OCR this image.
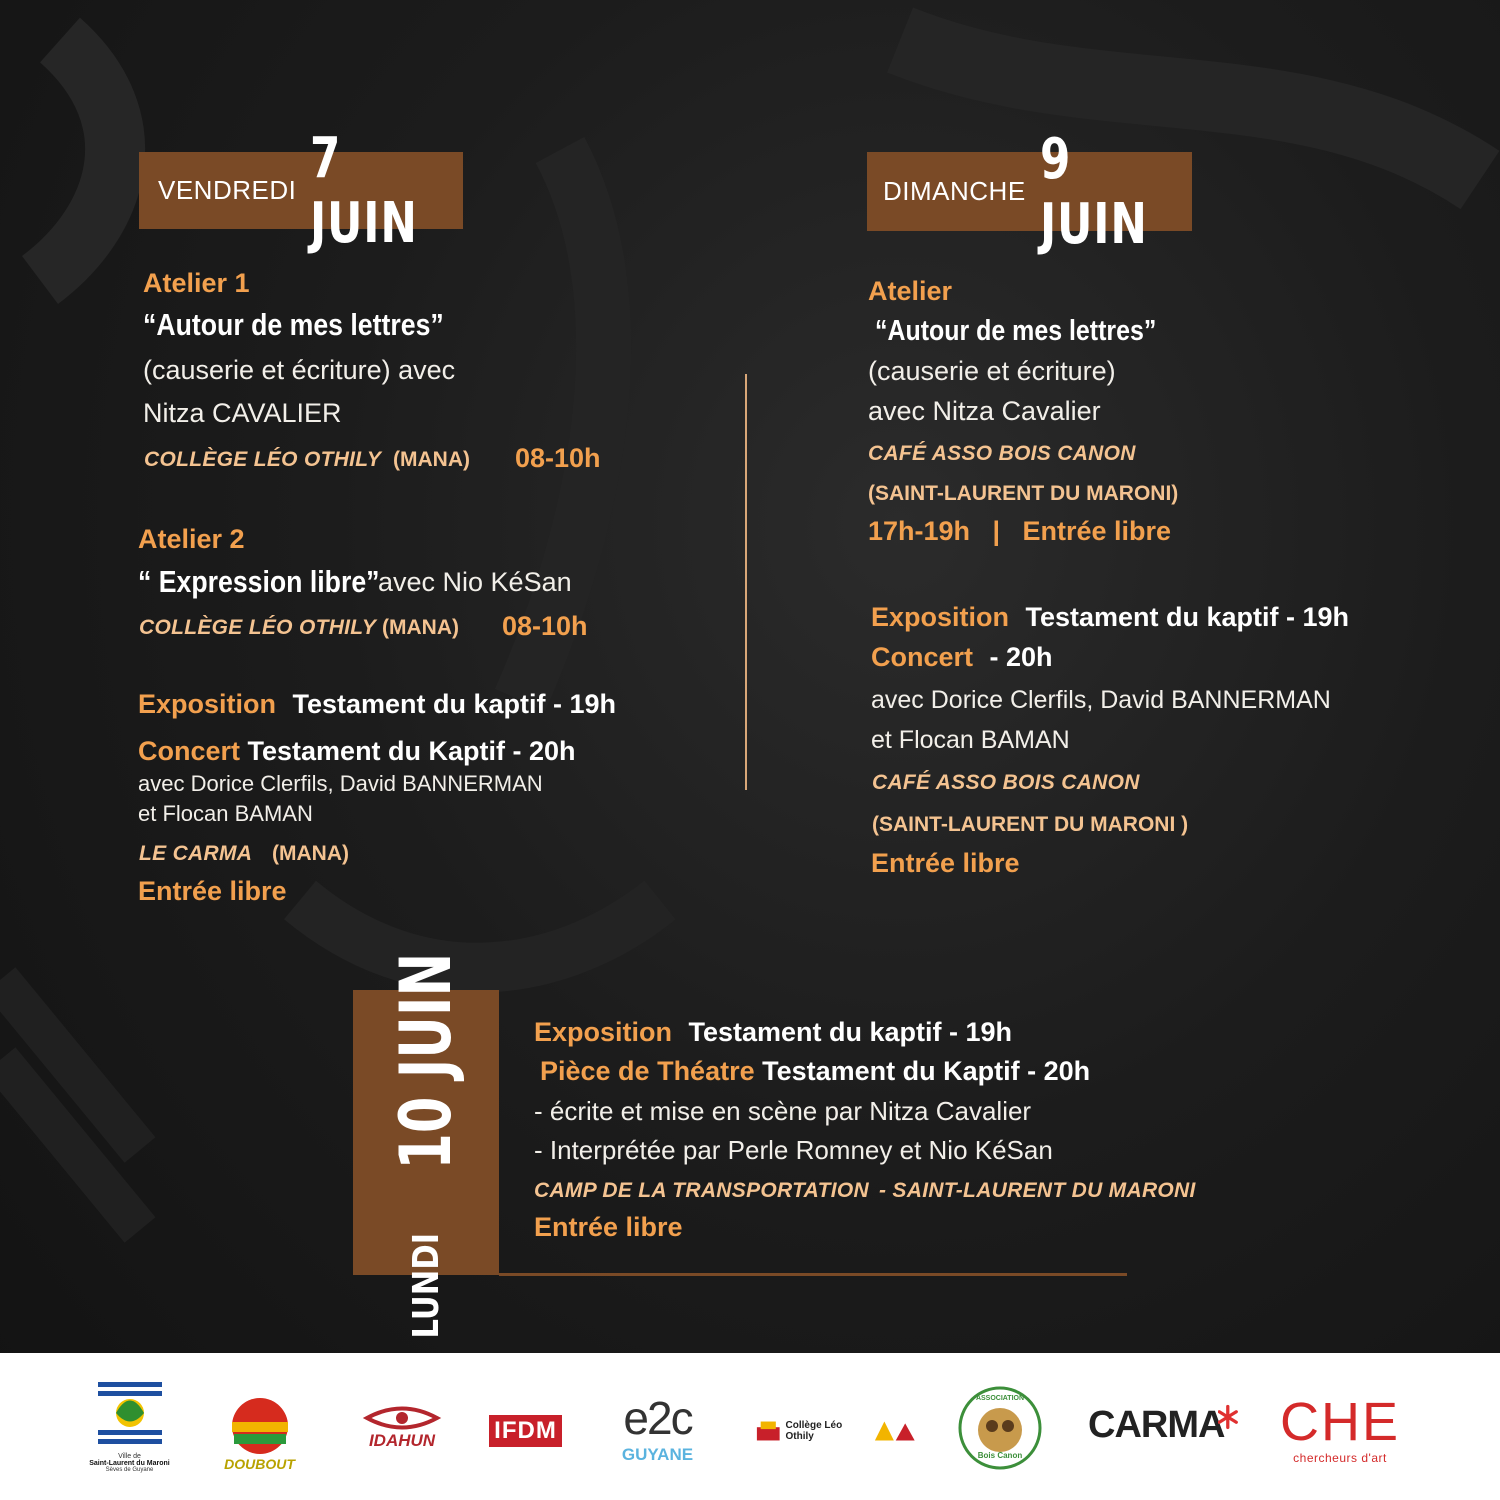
VENDREDI 7 JUIN
Atelier 1
“Autour de mes lettres”
(causerie et écriture) avec
Nitza CAVALIER
COLLÈGE LÉO OTHILY (MANA) 08-10h
Atelier 2
“ Expression libre”
avec Nio KéSan
COLLÈGE LÉO OTHILY (MANA) 08-10h
Exposition Testament du kaptif - 19h
Concert Testament du Kaptif - 20h
avec Dorice Clerfils, David BANNERMAN
et Flocan BAMAN
LE CARMA (MANA)
Entrée libre
DIMANCHE 9 JUIN
Atelier
“Autour de mes lettres”
(causerie et écriture)
avec Nitza Cavalier
CAFÉ ASSO BOIS CANON
(SAINT-LAURENT DU MARONI)
17h-19h | Entrée libre
Exposition Testament du kaptif - 19h
Concert - 20h
avec Dorice Clerfils, David BANNERMAN
et Flocan BAMAN
CAFÉ ASSO BOIS CANON
(SAINT-LAURENT DU MARONI )
Entrée libre
LUNDI
10 JUIN Exposition Testament du kaptif - 19h
Pièce de Théatre Testament du Kaptif - 20h
- écrite et mise en scène par Nitza Cavalier
- Interprétée par Perle Romney et Nio KéSan
CAMP DE LA TRANSPORTATION - SAINT-LAURENT DU MARONI
Entrée libre
Ville de
Saint-Laurent du Maroni
Sèves de Guyane	DOUBOUT
IDAHUN IFDM e2c
GUYANE
Collège Léo Othily
ASSOCIATION
Bois Canon
CARMA CHE
chercheurs d'art
